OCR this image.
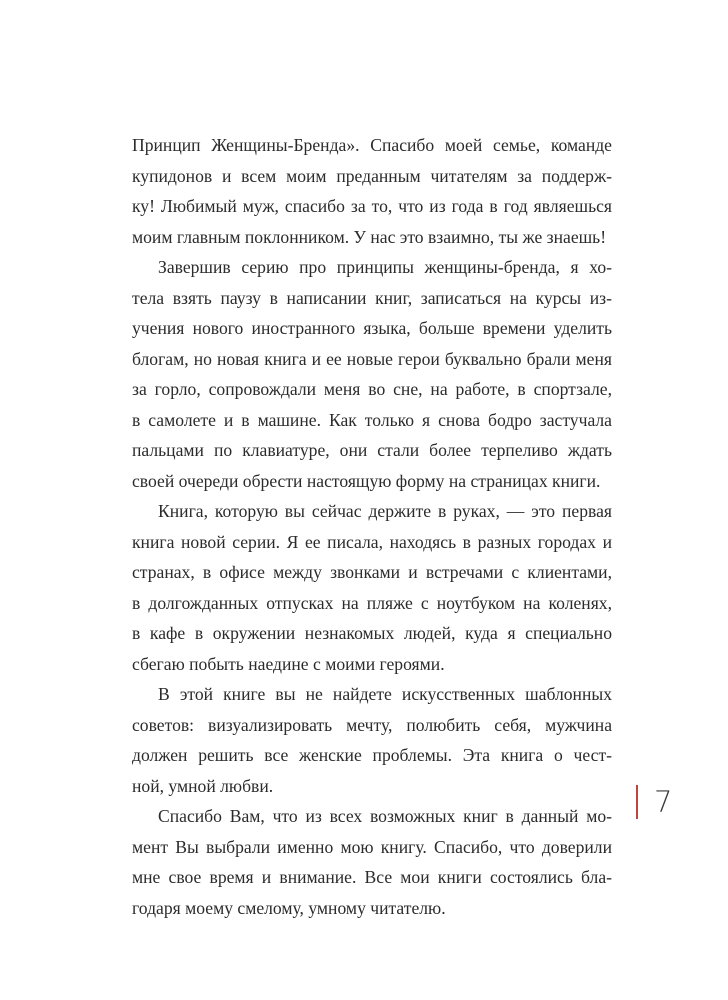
Принцип Женщины-Бренда». Спасибо моей семье, команде
купидонов и всем моим преданным читателям за поддерж-
ку! Любимый муж, спасибо за то, что из года в год являешься
моим главным поклонником. У нас это взаимно, ты же знаешь!
Завершив серию про принципы женщины-бренда, я хо-
тела взять паузу в написании книг, записаться на курсы из-
учения нового иностранного языка, больше времени уделить
блогам, но новая книга и ее новые герои буквально брали меня
за горло, сопровождали меня во сне, на работе, в спортзале,
в самолете и в машине. Как только я снова бодро застучала
пальцами по клавиатуре, они стали более терпеливо ждать
своей очереди обрести настоящую форму на страницах книги.
Книга, которую вы сейчас держите в руках, — это первая
книга новой серии. Я ее писала, находясь в разных городах и
странах, в офисе между звонками и встречами с клиентами,
в долгожданных отпусках на пляже с ноутбуком на коленях,
в кафе в окружении незнакомых людей, куда я специально
сбегаю побыть наедине с моими героями.
В этой книге вы не найдете искусственных шаблонных
советов: визуализировать мечту, полюбить себя, мужчина
должен решить все женские проблемы. Эта книга о чест-
ной, умной любви.
Спасибо Вам, что из всех возможных книг в данный мо-
мент Вы выбрали именно мою книгу. Спасибо, что доверили
мне свое время и внимание. Все мои книги состоялись бла-
годаря моему смелому, умному читателю.
7
